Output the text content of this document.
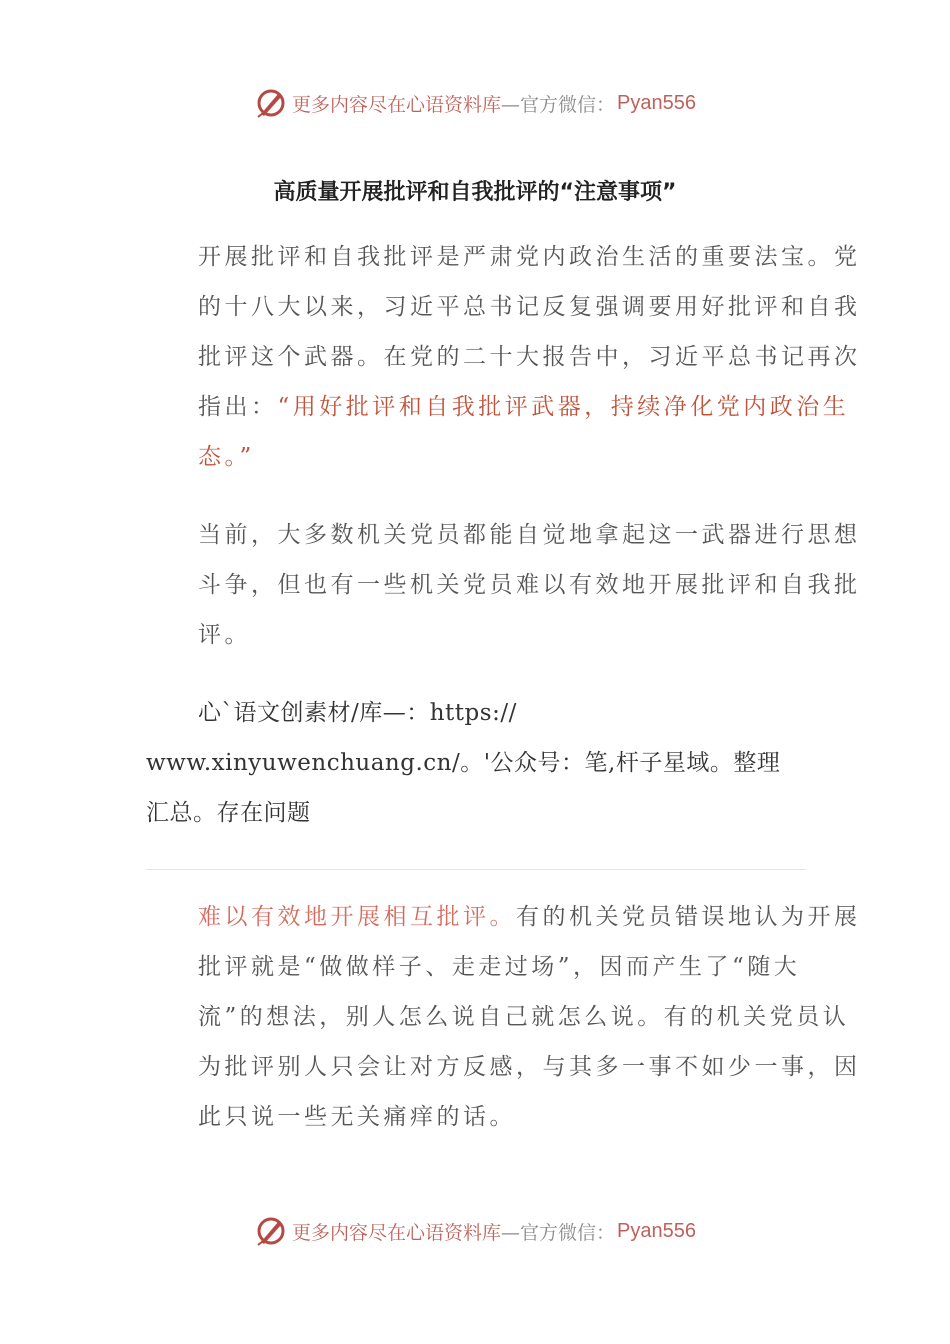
更多内容尽在心语资料库 —官方微信： Pyan556
高质量开展批评和自我批评的“注意事项”

开展批评和自我批评是严肃党内政治生活的重要法宝。党的十八大以来，习近平总书记反复强调要用好批评和自我批评这个武器。在党的二十大报告中，习近平总书记再次指出：“用好批评和自我批评武器，持续净化党内政治生态。”

当前，大多数机关党员都能自觉地拿起这一武器进行思想斗争，但也有一些机关党员难以有效地开展批评和自我批评。

心`语文创素材/库—：https://
www.xinyuwenchuang.cn/。'公众号：笔,杆子星域。整理
汇总。存在问题

难以有效地开展相互批评。有的机关党员错误地认为开展批评就是“做做样子、走走过场”，因而产生了“随大流”的想法，别人怎么说自己就怎么说。有的机关党员认为批评别人只会让对方反感，与其多一事不如少一事，因此只说一些无关痛痒的话。

更多内容尽在心语资料库 —官方微信： Pyan556
